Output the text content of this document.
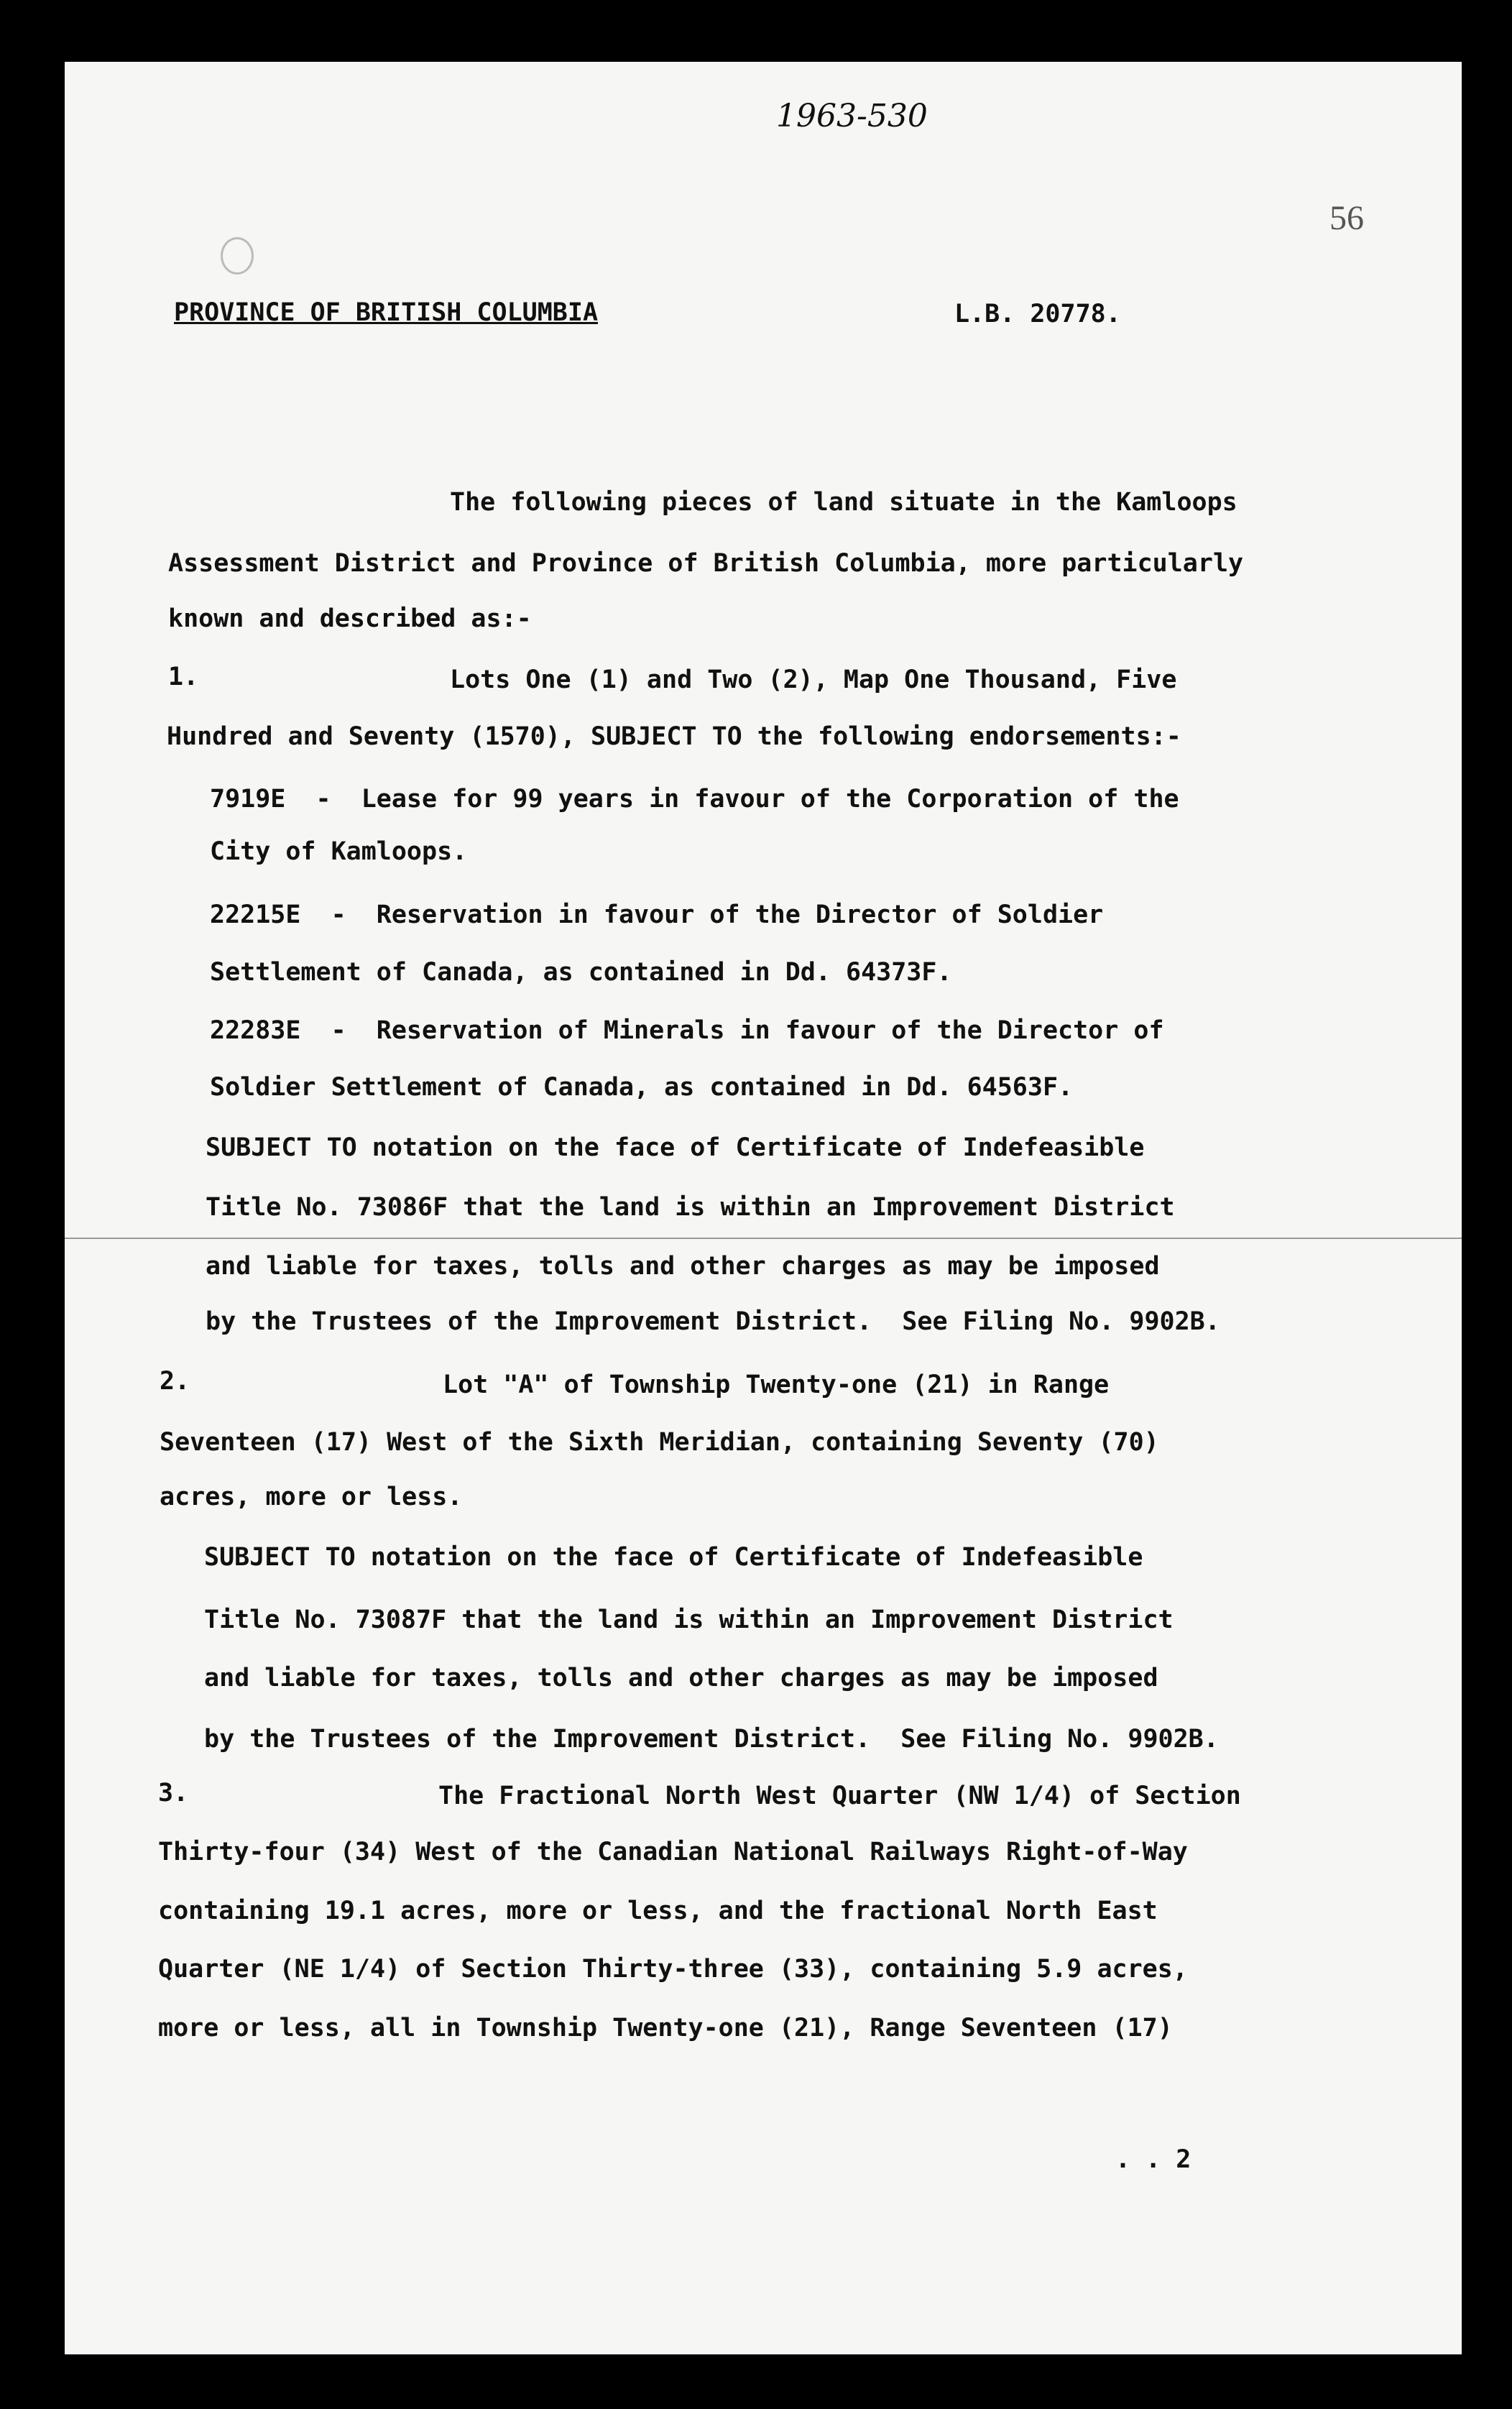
1963-530
56
PROVINCE OF BRITISH COLUMBIA	L.B. 20778.
The following pieces of land situate in the Kamloops
Assessment District and Province of British Columbia, more particularly
known and described as:-
1.	Lots One (1) and Two (2), Map One Thousand, Five
Hundred and Seventy (1570), SUBJECT TO the following endorsements:-
7919E  -  Lease for 99 years in favour of the Corporation of the
City of Kamloops.
22215E  -  Reservation in favour of the Director of Soldier
Settlement of Canada, as contained in Dd. 64373F.
22283E  -  Reservation of Minerals in favour of the Director of
Soldier Settlement of Canada, as contained in Dd. 64563F.
SUBJECT TO notation on the face of Certificate of Indefeasible
Title No. 73086F that the land is within an Improvement District
and liable for taxes, tolls and other charges as may be imposed
by the Trustees of the Improvement District.  See Filing No. 9902B.
2.	Lot "A" of Township Twenty-one (21) in Range
Seventeen (17) West of the Sixth Meridian, containing Seventy (70)
acres, more or less.
SUBJECT TO notation on the face of Certificate of Indefeasible
Title No. 73087F that the land is within an Improvement District
and liable for taxes, tolls and other charges as may be imposed
by the Trustees of the Improvement District.  See Filing No. 9902B.
3.	The Fractional North West Quarter (NW 1/4) of Section
Thirty-four (34) West of the Canadian National Railways Right-of-Way
containing 19.1 acres, more or less, and the fractional North East
Quarter (NE 1/4) of Section Thirty-three (33), containing 5.9 acres,
more or less, all in Township Twenty-one (21), Range Seventeen (17)
. . 2
